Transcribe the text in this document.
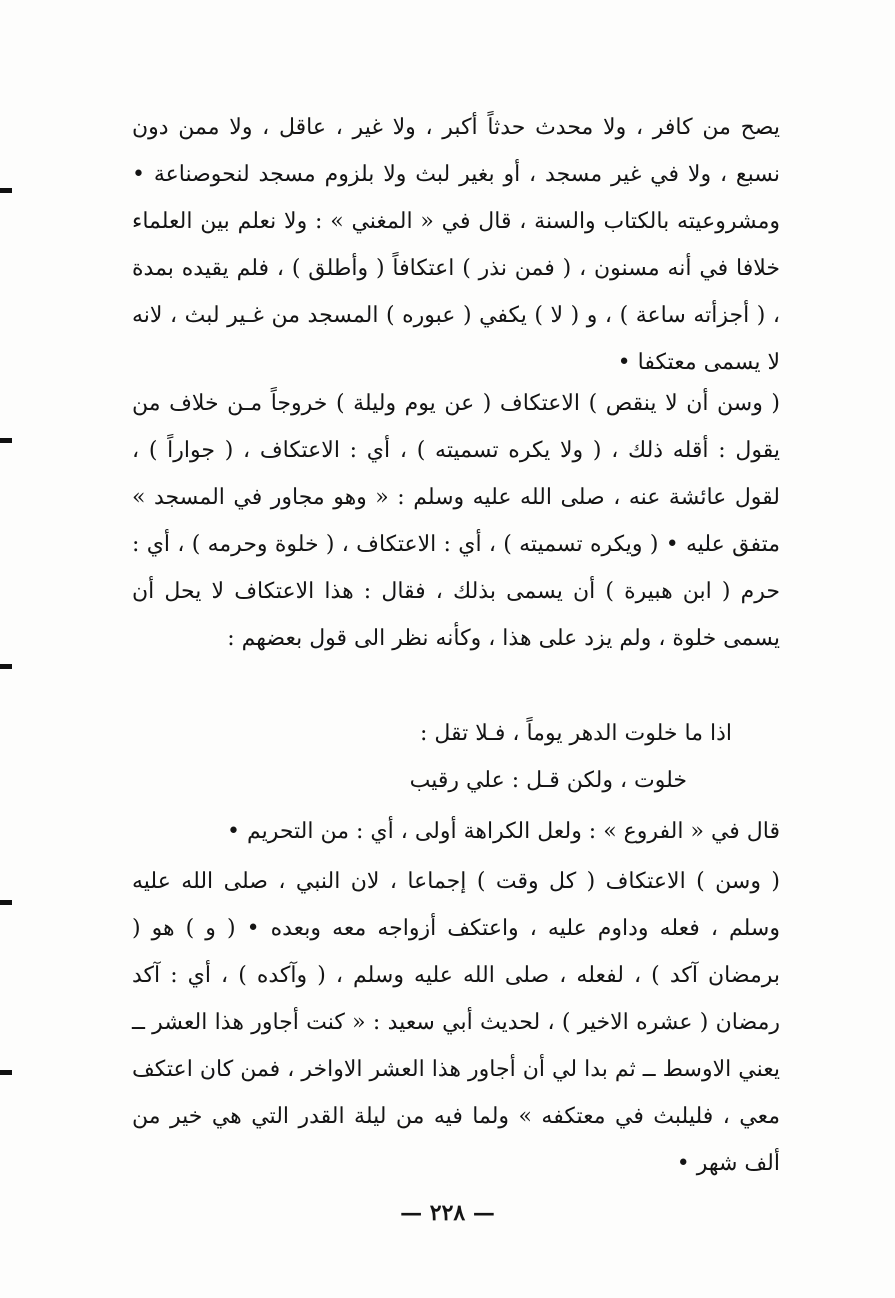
يصح من كافر ، ولا محدث حدثاً أكبر ، ولا غير ، عاقل ، ولا ممن دون نسبع ، ولا في غير مسجد ، أو بغير لبث ولا بلزوم مسجد لنحوصناعة • ومشروعيته بالكتاب والسنة ، قال في « المغني » : ولا نعلم بين العلماء خلافا في أنه مسنون ، ( فمن نذر ) اعتكافاً ( وأطلق ) ، فلم يقيده بمدة ، ( أجزأته ساعة ) ، و ( لا ) يكفي ( عبوره ) المسجد من غـير لبث ، لانه لا يسمى معتكفا •

( وسن أن لا ينقص ) الاعتكاف ( عن يوم وليلة ) خروجاً مـن خلاف من يقول : أقله ذلك ، ( ولا يكره تسميته ) ، أي : الاعتكاف ، ( جواراً ) ، لقول عائشة عنه ، صلى الله عليه وسلم : « وهو مجاور في المسجد » متفق عليه • ( ويكره تسميته ) ، أي : الاعتكاف ، ( خلوة وحرمه ) ، أي : حرم ( ابن هبيرة ) أن يسمى بذلك ، فقال : هذا الاعتكاف لا يحل أن يسمى خلوة ، ولم يزد على هذا ، وكأنه نظر الى قول بعضهم :

اذا ما خلوت الدهر يوماً ، فـلا تقل :
خلوت ، ولكن قـل : علي رقيب

قال في « الفروع » : ولعل الكراهة أولى ، أي : من التحريم •

( وسن ) الاعتكاف ( كل وقت ) إجماعا ، لان النبي ، صلى الله عليه وسلم ، فعله وداوم عليه ، واعتكف أزواجه معه وبعده • ( و ) هو ( برمضان آكد ) ، لفعله ، صلى الله عليه وسلم ، ( وآكده ) ، أي : آكد رمضان ( عشره الاخير ) ، لحديث أبي سعيد : « كنت أجاور هذا العشر ــ يعني الاوسط ــ ثم بدا لي أن أجاور هذا العشر الاواخر ، فمن كان اعتكف معي ، فليلبث في معتكفه » ولما فيه من ليلة القدر التي هي خير من ألف شهر •

— ٢٢٨ —
